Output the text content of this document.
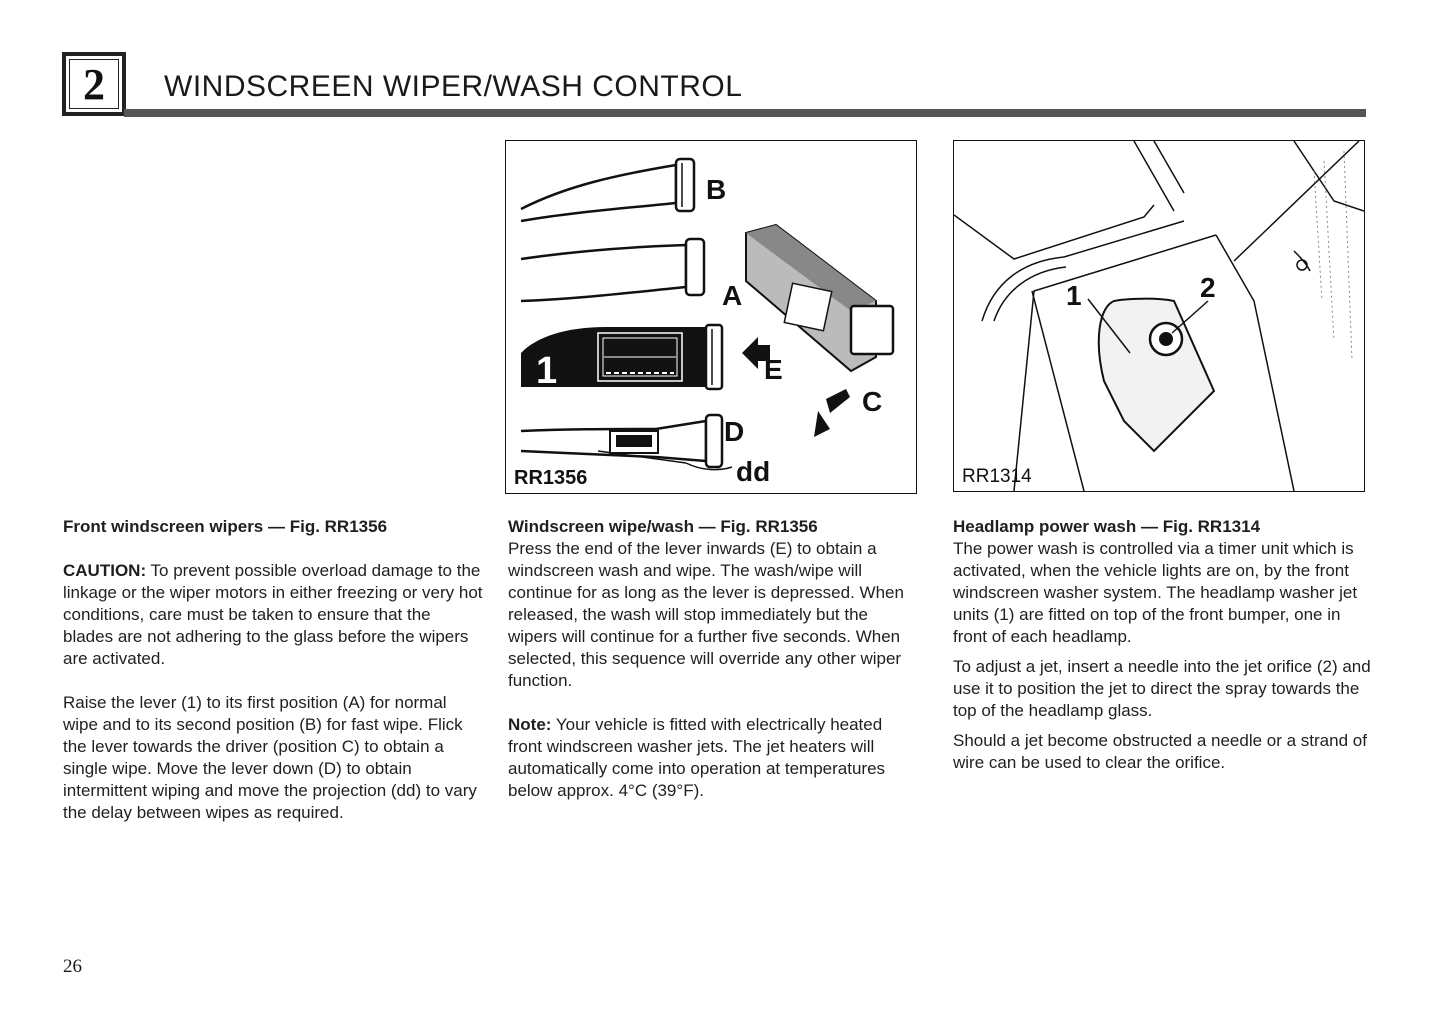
2	WINDSCREEN WIPER/WASH CONTROL
B
A
E
C
D
dd
1
RR1356
1	2
RR1314
Front windscreen wipers — Fig. RR1356

CAUTION: To prevent possible overload damage to the linkage or the wiper motors in either freezing or very hot conditions, care must be taken to ensure that the blades are not adhering to the glass before the wipers are activated.

Raise the lever (1) to its first position (A) for normal wipe and to its second position (B) for fast wipe. Flick the lever towards the driver (position C) to obtain a single wipe. Move the lever down (D) to obtain intermittent wiping and move the projection (dd) to vary the delay between wipes as required.

Windscreen wipe/wash — Fig. RR1356

Press the end of the lever inwards (E) to obtain a windscreen wash and wipe. The wash/wipe will continue for as long as the lever is depressed. When released, the wash will stop immediately but the wipers will continue for a further five seconds. When selected, this sequence will override any other wiper function.

Note: Your vehicle is fitted with electrically heated front windscreen washer jets. The jet heaters will automatically come into operation at temperatures below approx. 4°C (39°F).

Headlamp power wash — Fig. RR1314

The power wash is controlled via a timer unit which is activated, when the vehicle lights are on, by the front windscreen washer system. The headlamp washer jet units (1) are fitted on top of the front bumper, one in front of each headlamp.

To adjust a jet, insert a needle into the jet orifice (2) and use it to position the jet to direct the spray towards the top of the headlamp glass.

Should a jet become obstructed a needle or a strand of wire can be used to clear the orifice.

26
